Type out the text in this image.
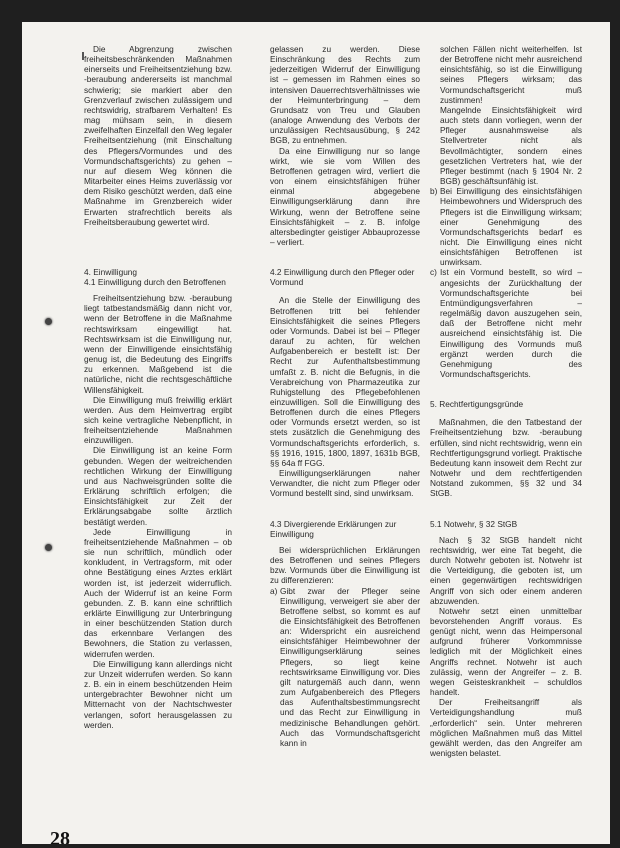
Die Abgrenzung zwischen freiheitsbeschränkenden Maßnahmen einerseits und Freiheitsentziehung bzw. -beraubung andererseits ist manchmal schwierig; sie markiert aber den Grenzverlauf zwischen zulässigem und rechtswidrig, strafbarem Verhalten! Es mag mühsam sein, in diesem zweifelhaften Einzelfall den Weg legaler Freiheitsentziehung (mit Einschaltung des Pflegers/Vormundes und des Vormundschaftsgerichts) zu gehen – nur auf diesem Weg können die Mitarbeiter eines Heims zuverlässig vor dem Risiko geschützt werden, daß eine Maßnahme im Grenzbereich wider Erwarten strafrechtlich bereits als Freiheitsberaubung gewertet wird.

4. Einwilligung
4.1 Einwilligung durch den Betroffenen

Freiheitsentziehung bzw. -beraubung liegt tatbestandsmäßig dann nicht vor, wenn der Betroffene in die Maßnahme rechtswirksam eingewilligt hat. Rechtswirksam ist die Einwilligung nur, wenn der Einwilligende einsichtsfähig genug ist, die Bedeutung des Eingriffs zu erkennen. Maßgebend ist die natürliche, nicht die rechtsgeschäftliche Willensfähigkeit.

Die Einwilligung muß freiwillig erklärt werden. Aus dem Heimvertrag ergibt sich keine vertragliche Nebenpflicht, in freiheitsentziehende Maßnahmen einzuwilligen.

Die Einwilligung ist an keine Form gebunden. Wegen der weitreichenden rechtlichen Wirkung der Einwilligung und aus Nachweisgründen sollte die Erklärung schriftlich erfolgen; die Einsichtsfähigkeit zur Zeit der Erklärungsabgabe sollte ärztlich bestätigt werden.

Jede Einwilligung in freiheitsentziehende Maßnahmen – ob sie nun schriftlich, mündlich oder konkludent, in Vertragsform, mit oder ohne Bestätigung eines Arztes erklärt worden ist, ist jederzeit widerruflich. Auch der Widerruf ist an keine Form gebunden. Z. B. kann eine schriftlich erklärte Einwilligung zur Unterbringung in einer beschützenden Station durch das erkennbare Verlangen des Bewohners, die Station zu verlassen, widerrufen werden.

Die Einwilligung kann allerdings nicht zur Unzeit widerrufen werden. So kann z. B. ein in einem beschützenden Heim untergebrachter Bewohner nicht um Mitternacht von der Nachtschwester verlangen, sofort herausgelassen zu werden.

gelassen zu werden. Diese Einschränkung des Rechts zum jederzeitigen Widerruf der Einwilligung ist – gemessen im Rahmen eines so intensiven Dauerrechtsverhältnisses wie der Heimunterbringung – dem Grundsatz von Treu und Glauben (analoge Anwendung des Verbots der unzulässigen Rechtsausübung, § 242 BGB, zu entnehmen.

Da eine Einwilligung nur so lange wirkt, wie sie vom Willen des Betroffenen getragen wird, verliert die von einem einsichtsfähigen früher einmal abgegebene Einwilligungserklärung dann ihre Wirkung, wenn der Betroffene seine Einsichtsfähigkeit – z. B. infolge altersbedingter geistiger Abbauprozesse – verliert.

4.2 Einwilligung durch den Pfleger oder Vormund

An die Stelle der Einwilligung des Betroffenen tritt bei fehlender Einsichtsfähigkeit die seines Pflegers oder Vormunds. Dabei ist bei – Pfleger darauf zu achten, für welchen Aufgabenbereich er bestellt ist: Der Recht zur Aufenthaltsbestimmung umfaßt z. B. nicht die Befugnis, in die Verabreichung von Pharmazeutika zur Ruhigstellung des Pflegebefohlenen einzuwilligen. Soll die Einwilligung des Betroffenen durch die eines Pflegers oder Vormunds ersetzt werden, so ist stets zusätzlich die Genehmigung des Vormundschaftsgerichts erforderlich, s. §§ 1916, 1915, 1800, 1897, 1631b BGB, §§ 64a ff FGG.

Einwilligungserklärungen naher Verwandter, die nicht zum Pfleger oder Vormund bestellt sind, sind unwirksam.

4.3 Divergierende Erklärungen zur Einwilligung

Bei widersprüchlichen Erklärungen des Betroffenen und seines Pflegers bzw. Vormunds über die Einwilligung ist zu differenzieren:

a) Gibt zwar der Pfleger seine Einwilligung, verweigert sie aber der Betroffene selbst, so kommt es auf die Einsichtsfähigkeit des Betroffenen an: Widerspricht ein ausreichend einsichtsfähiger Heimbewohner der Einwilligungserklärung seines Pflegers, so liegt keine rechtswirksame Einwilligung vor. Dies gilt naturgemäß auch dann, wenn zum Aufgabenbereich des Pflegers das Aufenthaltsbestimmungsrecht und das Recht zur Einwilligung in medizinische Behandlungen gehört. Auch das Vormundschaftsgericht kann in

solchen Fällen nicht weiterhelfen. Ist der Betroffene nicht mehr ausreichend einsichtsfähig, so ist die Einwilligung seines Pflegers wirksam; das Vormundschaftsgericht muß zustimmen!

Mangelnde Einsichtsfähigkeit wird auch stets dann vorliegen, wenn der Pfleger ausnahmsweise als Stellvertreter nicht als Bevollmächtigter, sondern eines gesetzlichen Vertreters hat, wie der Pfleger bestimmt (nach § 1904 Nr. 2 BGB) geschäftsunfähig ist.

b) Bei Einwilligung des einsichtsfähigen Heimbewohners und Widerspruch des Pflegers ist die Einwilligung wirksam; einer Genehmigung des Vormundschaftsgerichts bedarf es nicht. Die Einwilligung eines nicht einsichtsfähigen Betroffenen ist unwirksam.
c) Ist ein Vormund bestellt, so wird – angesichts der Zurückhaltung der Vormundschaftsgerichte bei Entmündigungsverfahren – regelmäßig davon auszugehen sein, daß der Betroffene nicht mehr ausreichend einsichtsfähig ist. Die Einwilligung des Vormunds muß ergänzt werden durch die Genehmigung des Vormundschaftsgerichts.
5. Rechtfertigungsgründe

Maßnahmen, die den Tatbestand der Freiheitsentziehung bzw. -beraubung erfüllen, sind nicht rechtswidrig, wenn ein Rechtfertigungsgrund vorliegt. Praktische Bedeutung kann insoweit dem Recht zur Notwehr und dem rechtfertigenden Notstand zukommen, §§ 32 und 34 StGB.

5.1 Notwehr, § 32 StGB

Nach § 32 StGB handelt nicht rechtswidrig, wer eine Tat begeht, die durch Notwehr geboten ist. Notwehr ist die Verteidigung, die geboten ist, um einen gegenwärtigen rechtswidrigen Angriff von sich oder einem anderen abzuwenden.

Notwehr setzt einen unmittelbar bevorstehenden Angriff voraus. Es genügt nicht, wenn das Heimpersonal aufgrund früherer Vorkommnisse lediglich mit der Möglichkeit eines Angriffs rechnet. Notwehr ist auch zulässig, wenn der Angreifer – z. B. wegen Geisteskrankheit – schuldlos handelt.

Der Freiheitsangriff als Verteidigungshandlung muß „erforderlich“ sein. Unter mehreren möglichen Maßnahmen muß das Mittel gewählt werden, das den Angreifer am wenigsten belastet.

28
